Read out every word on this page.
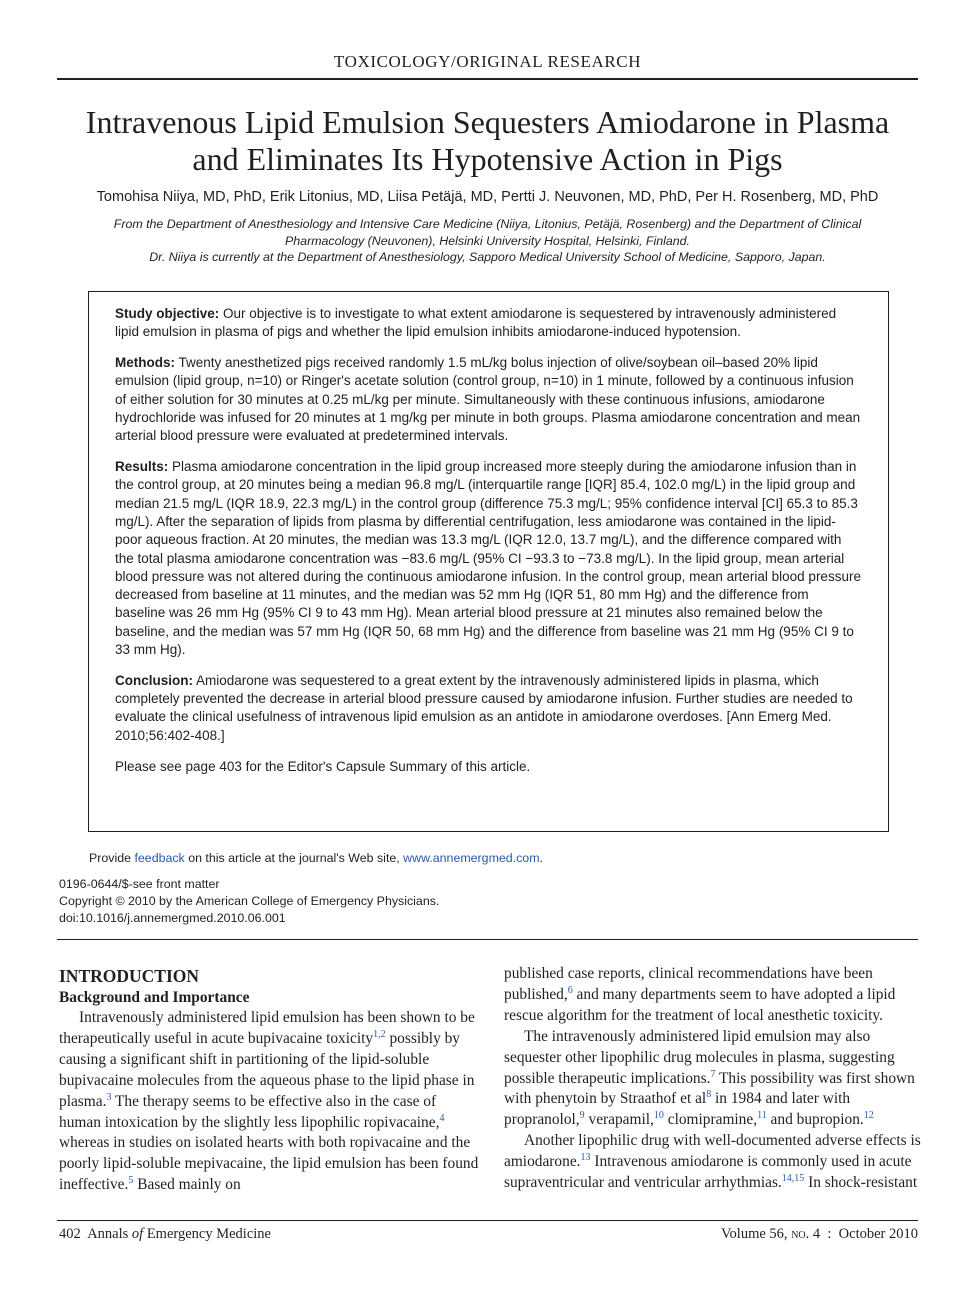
TOXICOLOGY/ORIGINAL RESEARCH
Intravenous Lipid Emulsion Sequesters Amiodarone in Plasma
and Eliminates Its Hypotensive Action in Pigs
Tomohisa Niiya, MD, PhD, Erik Litonius, MD, Liisa Petäjä, MD, Pertti J. Neuvonen, MD, PhD, Per H. Rosenberg, MD, PhD
From the Department of Anesthesiology and Intensive Care Medicine (Niiya, Litonius, Petäjä, Rosenberg) and the Department of Clinical
Pharmacology (Neuvonen), Helsinki University Hospital, Helsinki, Finland.
Dr. Niiya is currently at the Department of Anesthesiology, Sapporo Medical University School of Medicine, Sapporo, Japan.

Study objective: Our objective is to investigate to what extent amiodarone is sequestered by intravenously administered lipid emulsion in plasma of pigs and whether the lipid emulsion inhibits amiodarone-induced hypotension.

Methods: Twenty anesthetized pigs received randomly 1.5 mL/kg bolus injection of olive/soybean oil–based 20% lipid emulsion (lipid group, n=10) or Ringer's acetate solution (control group, n=10) in 1 minute, followed by a continuous infusion of either solution for 30 minutes at 0.25 mL/kg per minute. Simultaneously with these continuous infusions, amiodarone hydrochloride was infused for 20 minutes at 1 mg/kg per minute in both groups. Plasma amiodarone concentration and mean arterial blood pressure were evaluated at predetermined intervals.

Results: Plasma amiodarone concentration in the lipid group increased more steeply during the amiodarone infusion than in the control group, at 20 minutes being a median 96.8 mg/L (interquartile range [IQR] 85.4, 102.0 mg/L) in the lipid group and median 21.5 mg/L (IQR 18.9, 22.3 mg/L) in the control group (difference 75.3 mg/L; 95% confidence interval [CI] 65.3 to 85.3 mg/L). After the separation of lipids from plasma by differential centrifugation, less amiodarone was contained in the lipid-poor aqueous fraction. At 20 minutes, the median was 13.3 mg/L (IQR 12.0, 13.7 mg/L), and the difference compared with the total plasma amiodarone concentration was −83.6 mg/L (95% CI −93.3 to −73.8 mg/L). In the lipid group, mean arterial blood pressure was not altered during the continuous amiodarone infusion. In the control group, mean arterial blood pressure decreased from baseline at 11 minutes, and the median was 52 mm Hg (IQR 51, 80 mm Hg) and the difference from baseline was 26 mm Hg (95% CI 9 to 43 mm Hg). Mean arterial blood pressure at 21 minutes also remained below the baseline, and the median was 57 mm Hg (IQR 50, 68 mm Hg) and the difference from baseline was 21 mm Hg (95% CI 9 to 33 mm Hg).

Conclusion: Amiodarone was sequestered to a great extent by the intravenously administered lipids in plasma, which completely prevented the decrease in arterial blood pressure caused by amiodarone infusion. Further studies are needed to evaluate the clinical usefulness of intravenous lipid emulsion as an antidote in amiodarone overdoses. [Ann Emerg Med. 2010;56:402-408.]

Please see page 403 for the Editor's Capsule Summary of this article.

Provide feedback on this article at the journal's Web site, www.annemergmed.com.
0196-0644/$-see front matter
Copyright © 2010 by the American College of Emergency Physicians.
doi:10.1016/j.annemergmed.2010.06.001
INTRODUCTION
Background and Importance

Intravenously administered lipid emulsion has been shown to be therapeutically useful in acute bupivacaine toxicity$^{1,2}$ possibly by causing a significant shift in partitioning of the lipid-soluble bupivacaine molecules from the aqueous phase to the lipid phase in plasma.$^3$ The therapy seems to be effective also in the case of human intoxication by the slightly less lipophilic ropivacaine,$^4$ whereas in studies on isolated hearts with both ropivacaine and the poorly lipid-soluble mepivacaine, the lipid emulsion has been found ineffective.$^5$ Based mainly on

published case reports, clinical recommendations have been published,$^6$ and many departments seem to have adopted a lipid rescue algorithm for the treatment of local anesthetic toxicity.

The intravenously administered lipid emulsion may also sequester other lipophilic drug molecules in plasma, suggesting possible therapeutic implications.$^7$ This possibility was first shown with phenytoin by Straathof et $al^8$ in 1984 and later with propranolol,$^9$ verapamil,$^{10}$ clomipramine,$^{11}$ and bupropion.$^{12}$

Another lipophilic drug with well-documented adverse effects is amiodarone.$^{13}$ Intravenous amiodarone is commonly used in acute supraventricular and ventricular arrhythmias.$^{14,15}$ In shock-resistant

402 Annals of Emergency Medicine	Volume 56, no. 4  :  October 2010
